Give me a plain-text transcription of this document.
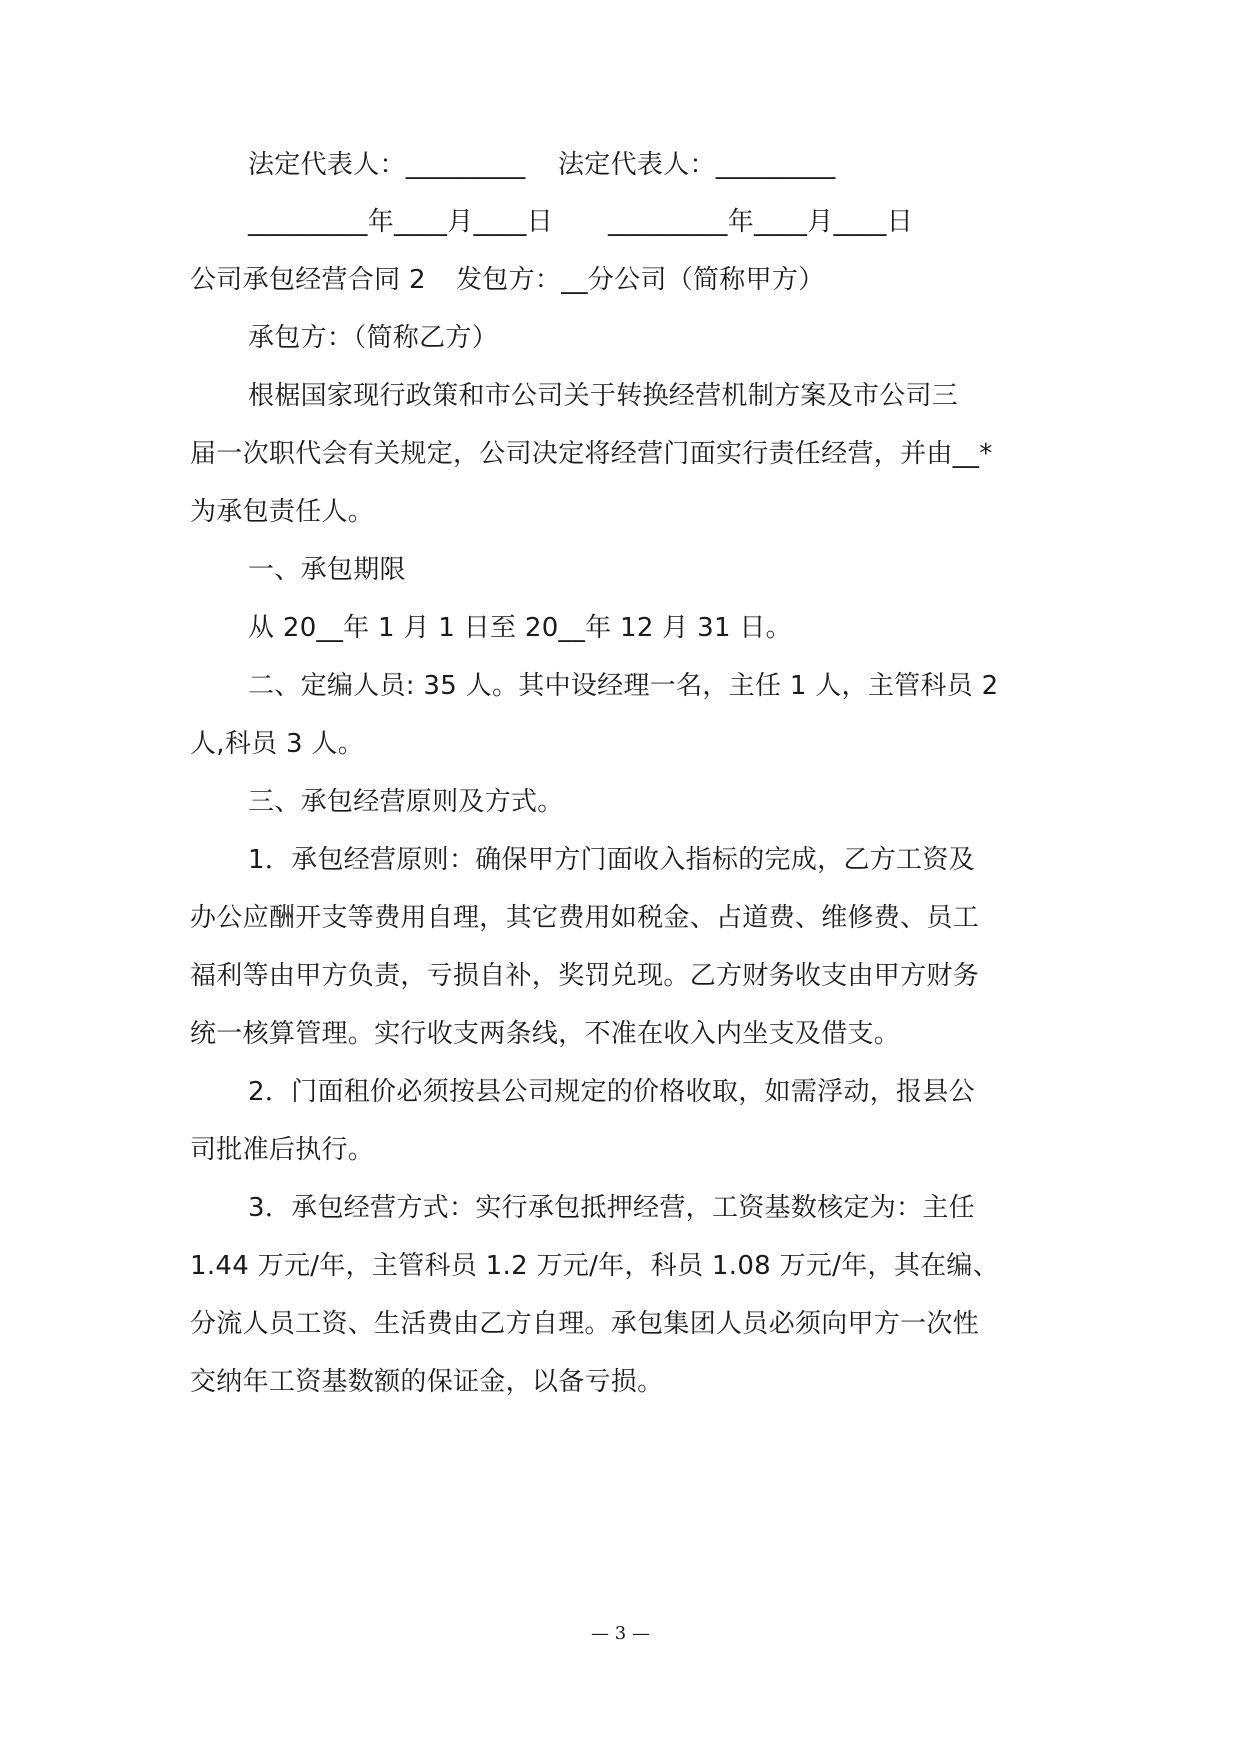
法定代表人：_________	法定代表人：_________
_________年____月____日	_________年____月____日
公司承包经营合同 2	发包方：__分公司（简称甲方）
承包方：（简称乙方）
根椐国家现行政策和市公司关于转换经营机制方案及市公司三
届一次职代会有关规定，公司决定将经营门面实行责任经营，并由__*
为承包责任人。
一、承包期限
从 20__年 1 月 1 日至 20__年 12 月 31 日。
二、定编人员: 35 人。其中设经理一名，主任 1 人，主管科员 2
人,科员 3 人。
三、承包经营原则及方式。
1．承包经营原则：确保甲方门面收入指标的完成，乙方工资及
办公应酬开支等费用自理，其它费用如税金、占道费、维修费、员工
福利等由甲方负责，亏损自补，奖罚兑现。乙方财务收支由甲方财务
统一核算管理。实行收支两条线，不准在收入内坐支及借支。
2．门面租价必须按县公司规定的价格收取，如需浮动，报县公
司批准后执行。
3．承包经营方式：实行承包抵押经营，工资基数核定为：主任
1.44 万元/年，主管科员 1.2 万元/年，科员 1.08 万元/年，其在编、
分流人员工资、生活费由乙方自理。承包集团人员必须向甲方一次性
交纳年工资基数额的保证金，以备亏损。
— 3 —
